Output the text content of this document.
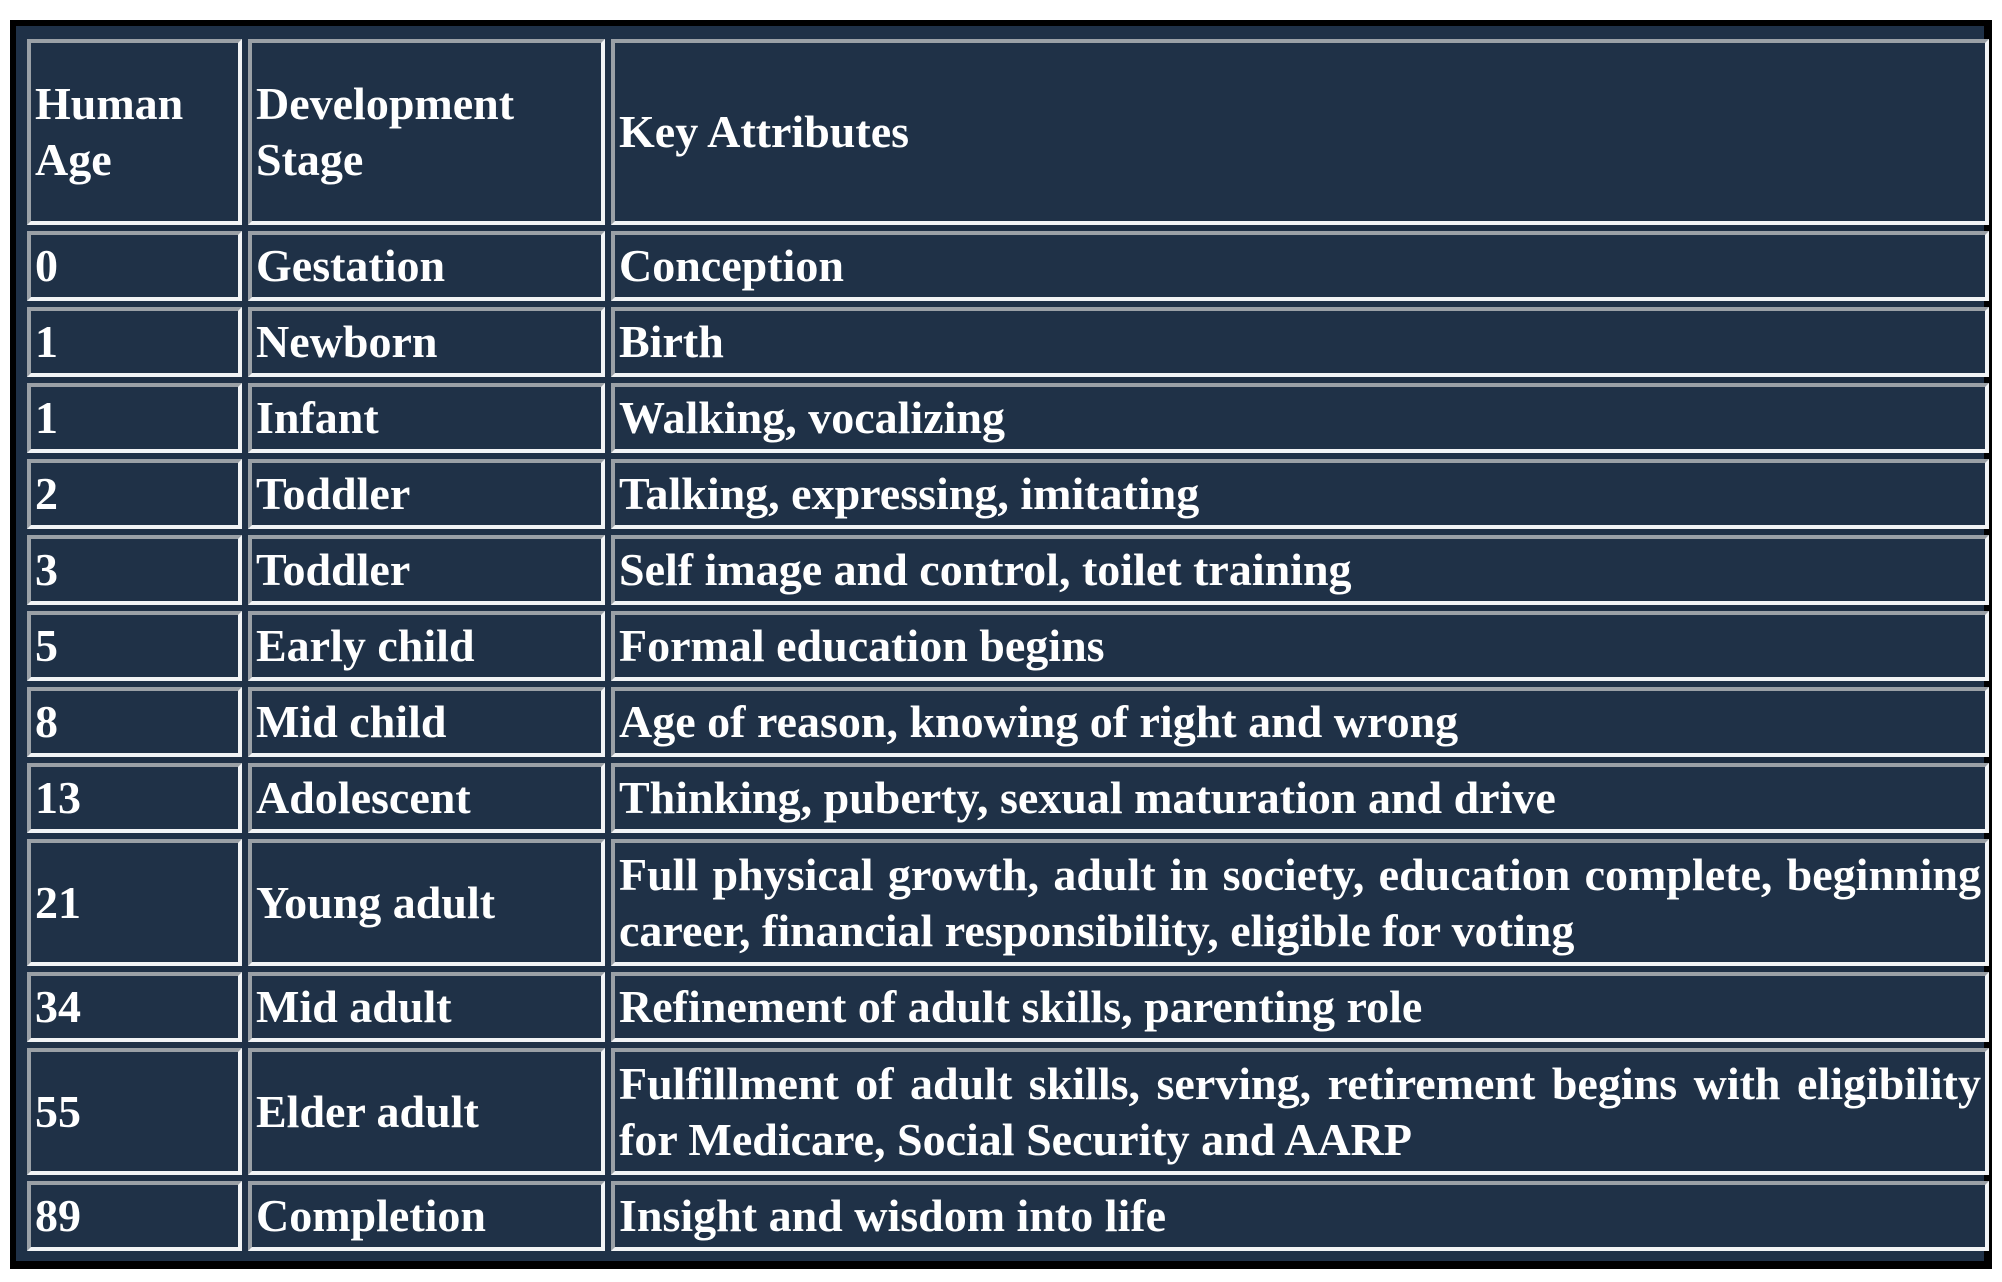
Human Age	Development Stage	Key Attributes
0	Gestation	Conception
1	Newborn	Birth
1	Infant	Walking, vocalizing
2	Toddler	Talking, expressing, imitating
3	Toddler	Self image and control, toilet training
5	Early child	Formal education begins
8	Mid child	Age of reason, knowing of right and wrong
13	Adolescent	Thinking, puberty, sexual maturation and drive
21	Young adult	Full physical growth, adult in society, education complete, beginning career, financial responsibility, eligible for voting
34	Mid adult	Refinement of adult skills, parenting role
55	Elder adult	Fulfillment of adult skills, serving, retirement begins with eligibility for Medicare, Social Security and AARP
89	Completion	Insight and wisdom into life
